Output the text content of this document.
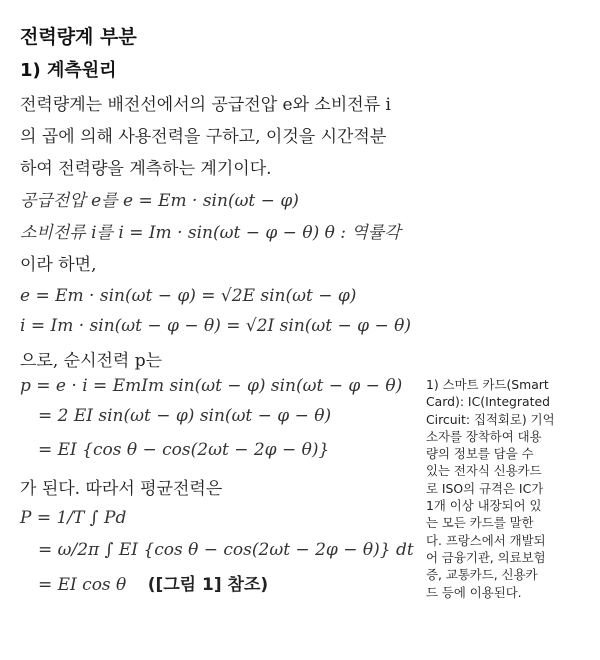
전력량계 부분
1) 계측원리
전력량계는 배전선에서의 공급전압 e와 소비전류 i
의 곱에 의해 사용전력을 구하고, 이것을 시간적분
하여 전력량을 계측하는 계기이다.
공급전압 e를 e = Em · sin(ωt − φ)
소비전류 i를 i = Im · sin(ωt − φ − θ) θ : 역률각
이라 하면,
e = Em · sin(ωt − φ) = √2E sin(ωt − φ)
i = Im · sin(ωt − φ − θ) = √2I sin(ωt − φ − θ)
으로, 순시전력 p는
p = e · i = EmIm sin(ωt − φ) sin(ωt − φ − θ)
= 2 EI sin(ωt − φ) sin(ωt − φ − θ)
= EI {cos θ − cos(2ωt − 2φ − θ)}
가 된다. 따라서 평균전력은
P = 1/T ∫ Pd
= ω/2π ∫ EI {cos θ − cos(2ωt − 2φ − θ)} dt
= EI cos θ ([그림 1] 참조)
1) 스마트 카드(Smart
Card): IC(Integrated
Circuit: 집적회로) 기억
소자를 장착하여 대용
량의 정보를 담을 수
있는 전자식 신용카드
로 ISO의 규격은 IC가
1개 이상 내장되어 있
는 모든 카드를 말한
다. 프랑스에서 개발되
어 금융기관, 의료보험
증, 교통카드, 신용카
드 등에 이용된다.
